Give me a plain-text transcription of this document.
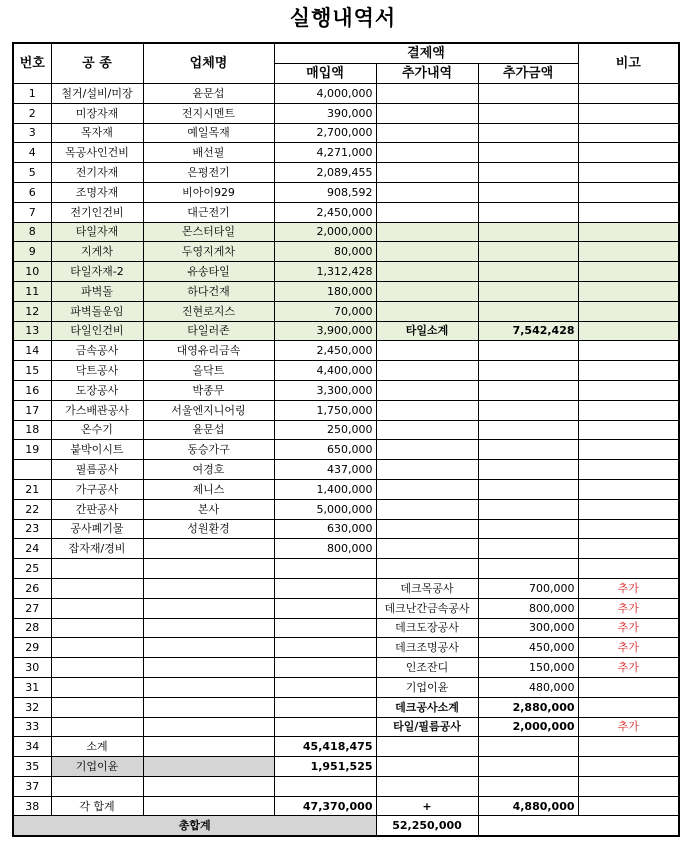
실행내역서
번호	공 종	업체명	결제액			비고
			매입액	추가내역	추가금액	
1	철거/설비/미장	윤문섭	4,000,000			
2	미장자재	전지시멘트	390,000			
3	목자재	예일목재	2,700,000			
4	목공사인건비	배선필	4,271,000			
5	전기자재	은평전기	2,089,455			
6	조명자재	비아이929	908,592			
7	전기인건비	대근전기	2,450,000			
8	타일자재	몬스터타일	2,000,000			
9	지게차	두영지게차	80,000			
10	타일자재-2	유송타일	1,312,428			
11	파벽돌	하다건재	180,000			
12	파벽돌운임	진현로지스	70,000			
13	타일인건비	타일러존	3,900,000	타일소계	7,542,428	
14	금속공사	대영유리금속	2,450,000			
15	닥트공사	올닥트	4,400,000			
16	도장공사	박종무	3,300,000			
17	가스배관공사	서울엔지니어링	1,750,000			
18	온수기	윤문섭	250,000			
19	붙박이시트	동승가구	650,000			
	필름공사	여경호	437,000			
21	가구공사	제니스	1,400,000			
22	간판공사	본사	5,000,000			
23	공사폐기물	성원환경	630,000			
24	잡자재/경비		800,000			
25						
26				데크목공사	700,000	추가
27				데크난간금속공사	800,000	추가
28				데크도장공사	300,000	추가
29				데크조명공사	450,000	추가
30				인조잔디	150,000	추가
31				기업이윤	480,000	
32				데크공사소계	2,880,000	
33				타일/필름공사	2,000,000	추가
34	소계		45,418,475			
35	기업이윤		1,951,525			
37						
38	각 합계		47,370,000	+	4,880,000	
총합계				52,250,000		
